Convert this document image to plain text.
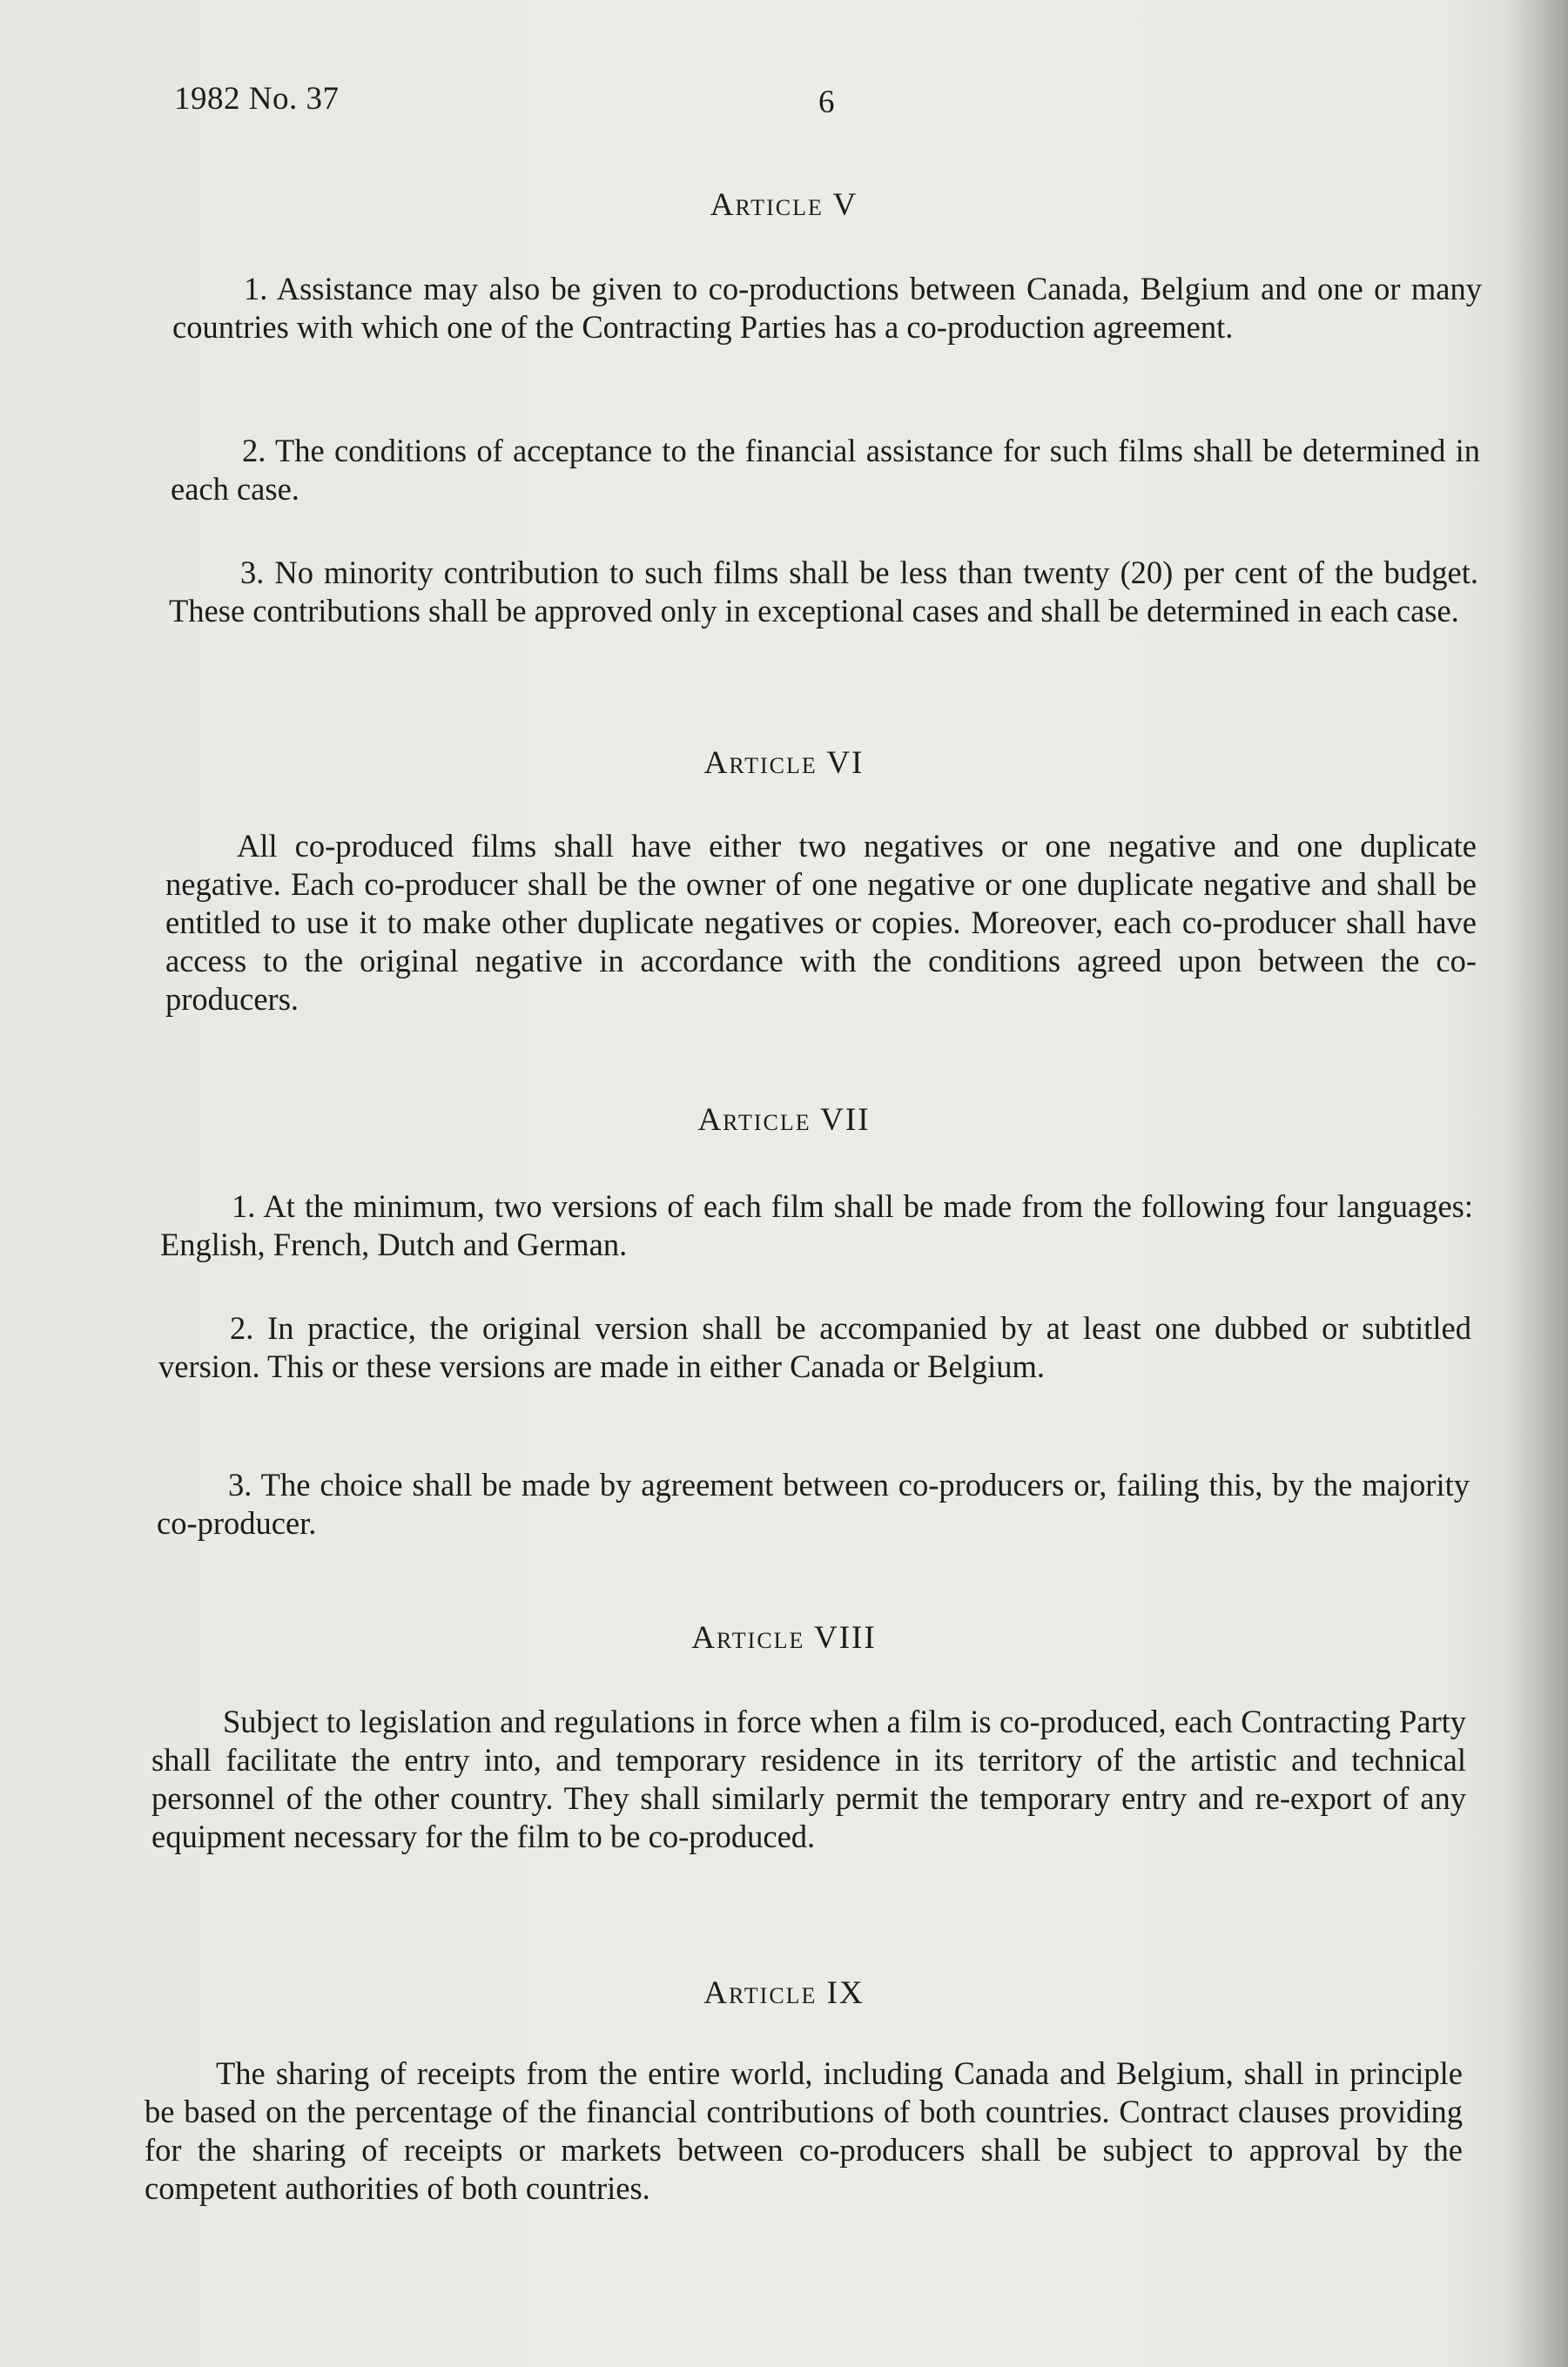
1982 No. 37	6
Article V
1. Assistance may also be given to co-productions between Canada, Belgium and one or many countries with which one of the Contracting Parties has a co-production agreement.
2. The conditions of acceptance to the financial assistance for such films shall be determined in each case.
3. No minority contribution to such films shall be less than twenty (20) per cent of the budget. These contributions shall be approved only in exceptional cases and shall be determined in each case.
Article VI
All co-produced films shall have either two negatives or one negative and one duplicate negative. Each co-producer shall be the owner of one negative or one duplicate negative and shall be entitled to use it to make other duplicate negatives or copies. Moreover, each co-producer shall have access to the original negative in accordance with the conditions agreed upon between the co-producers.
Article VII
1. At the minimum, two versions of each film shall be made from the following four languages: English, French, Dutch and German.
2. In practice, the original version shall be accompanied by at least one dubbed or subtitled version. This or these versions are made in either Canada or Belgium.
3. The choice shall be made by agreement between co-producers or, failing this, by the majority co-producer.
Article VIII
Subject to legislation and regulations in force when a film is co-produced, each Contracting Party shall facilitate the entry into, and temporary residence in its territory of the artistic and technical personnel of the other country. They shall similarly permit the temporary entry and re-export of any equipment necessary for the film to be co-produced.
Article IX
The sharing of receipts from the entire world, including Canada and Belgium, shall in principle be based on the percentage of the financial contributions of both countries. Contract clauses providing for the sharing of receipts or markets between co-producers shall be subject to approval by the competent authorities of both countries.
